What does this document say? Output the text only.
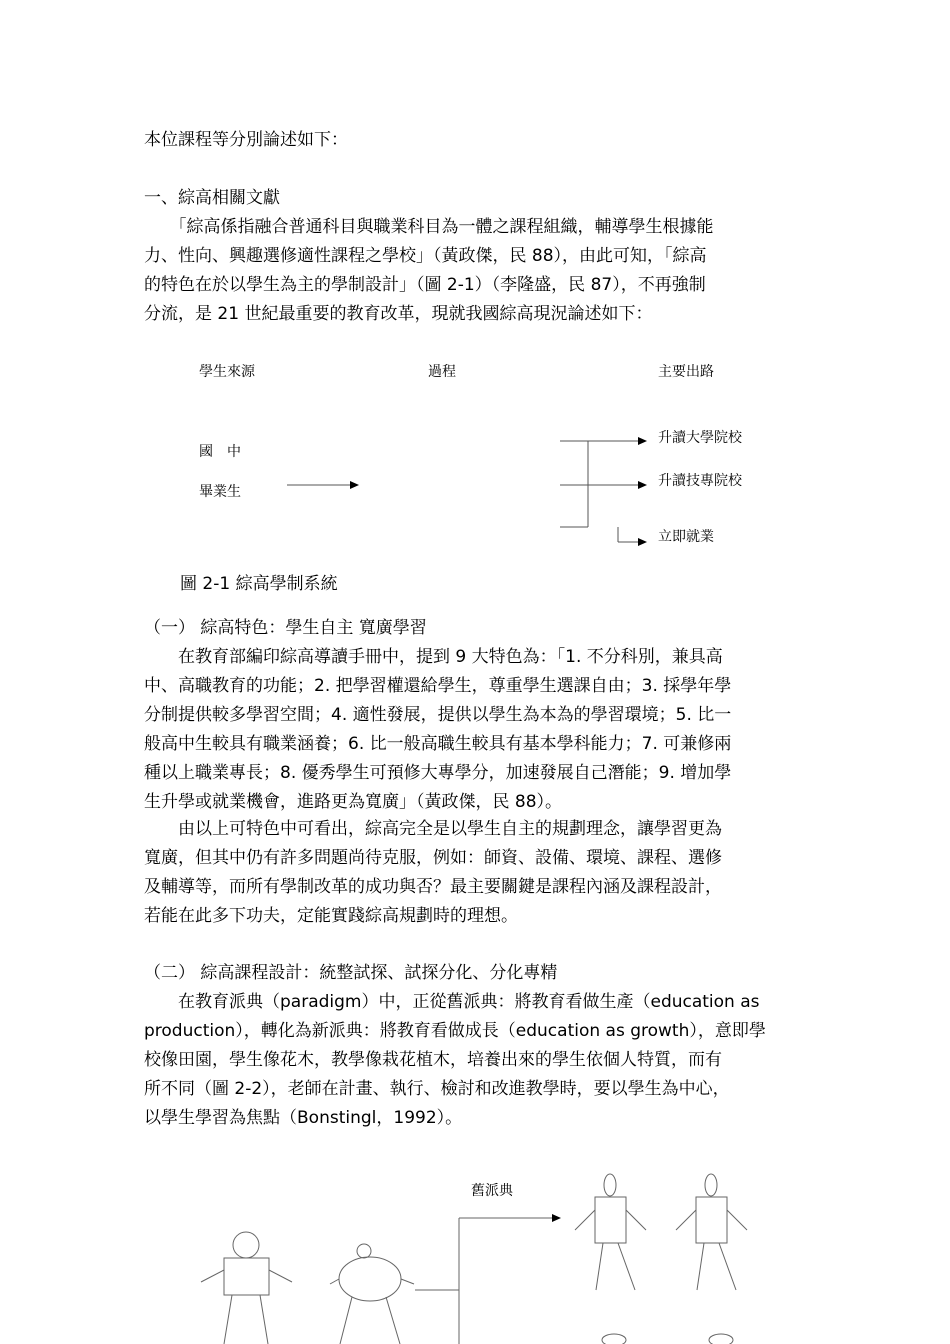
本位課程等分別論述如下：
一、綜高相關文獻
　　「綜高係指融合普通科目與職業科目為一體之課程組織，輔導學生根據能
力、性向、興趣選修適性課程之學校」（黃政傑，民 88），由此可知，「綜高
的特色在於以學生為主的學制設計」（圖 2-1）（李隆盛，民 87），不再強制
分流，是 21 世紀最重要的教育改革，現就我國綜高現況論述如下：
學生來源	過程	主要出路
國　中
畢業生
升讀大學院校
升讀技專院校
立即就業
圖 2-1 綜高學制系統
（一） 綜高特色：學生自主 寬廣學習
　　在教育部編印綜高導讀手冊中，提到 9 大特色為：「1. 不分科別，兼具高
中、高職教育的功能；2. 把學習權還給學生，尊重學生選課自由；3. 採學年學
分制提供較多學習空間；4. 適性發展，提供以學生為本為的學習環境；5. 比一
般高中生較具有職業涵養；6. 比一般高職生較具有基本學科能力；7. 可兼修兩
種以上職業專長；8. 優秀學生可預修大專學分，加速發展自己潛能；9. 增加學
生升學或就業機會，進路更為寬廣」（黃政傑，民 88）。
　　由以上可特色中可看出，綜高完全是以學生自主的規劃理念，讓學習更為
寬廣，但其中仍有許多問題尚待克服，例如：師資、設備、環境、課程、選修
及輔導等，而所有學制改革的成功與否？最主要關鍵是課程內涵及課程設計，
若能在此多下功夫，定能實踐綜高規劃時的理想。
（二） 綜高課程設計：統整試探、試探分化、分化專精
　　在教育派典（paradigm）中，正從舊派典：將教育看做生產（education as
production），轉化為新派典：將教育看做成長（education as growth），意即學
校像田園，學生像花木，教學像栽花植木，培養出來的學生依個人特質，而有
所不同（圖 2-2），老師在計畫、執行、檢討和改進教學時，要以學生為中心，
以學生學習為焦點（Bonstingl，1992）。
舊派典
